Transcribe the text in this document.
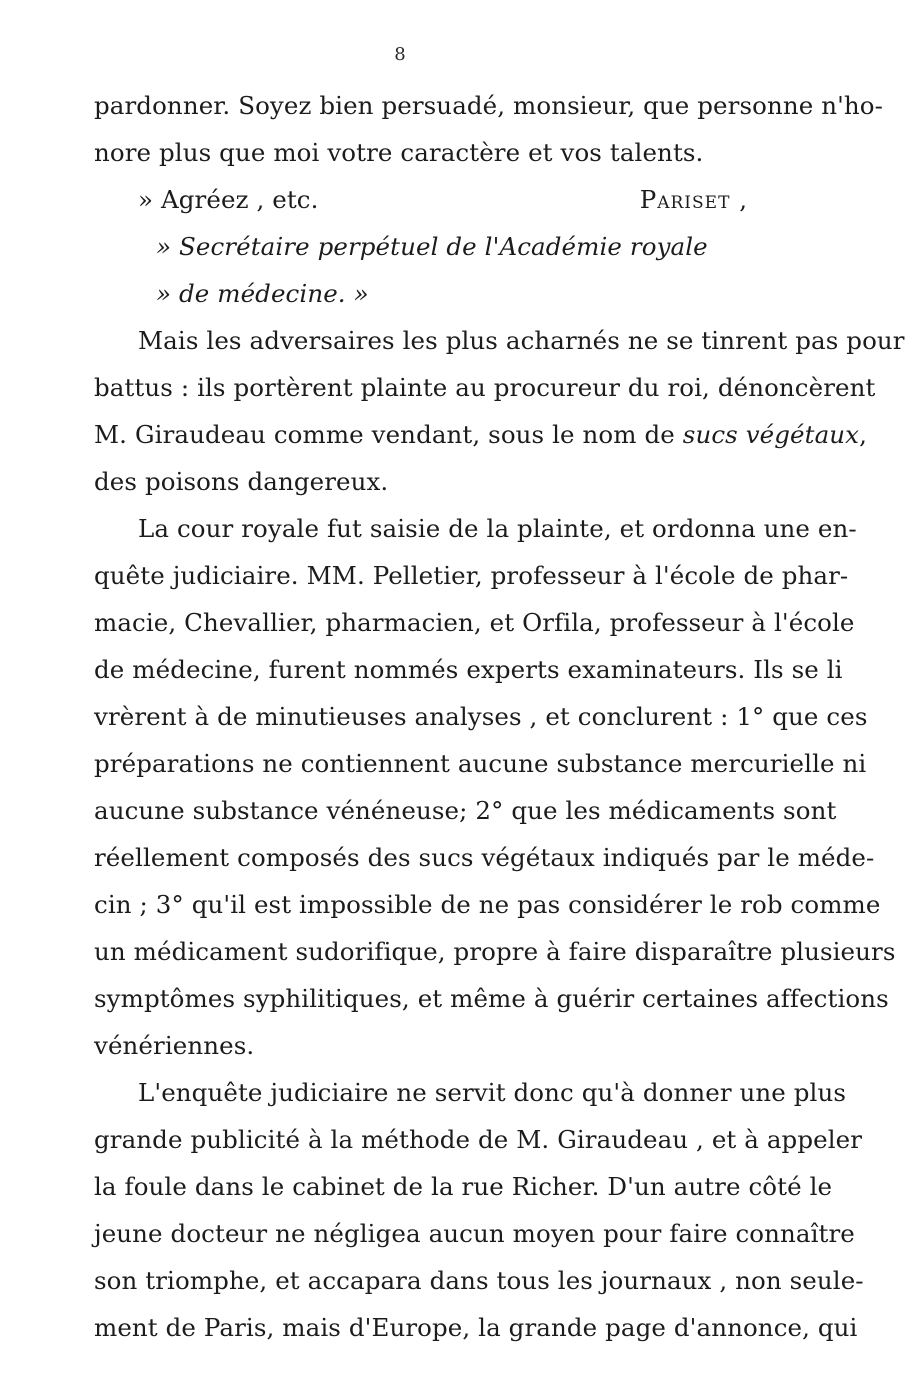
8
pardonner. Soyez bien persuadé, monsieur, que personne n'ho-
nore plus que moi votre caractère et vos talents.
» Agréez , etc.	Pariset ,
» Secrétaire perpétuel de l'Académie royale
» de médecine. »
Mais les adversaires les plus acharnés ne se tinrent pas pour
battus : ils portèrent plainte au procureur du roi, dénoncèrent
M. Giraudeau comme vendant, sous le nom de sucs végétaux,
des poisons dangereux.
La cour royale fut saisie de la plainte, et ordonna une en-
quête judiciaire. MM. Pelletier, professeur à l'école de phar-
macie, Chevallier, pharmacien, et Orfila, professeur à l'école
de médecine, furent nommés experts examinateurs. Ils se li
vrèrent à de minutieuses analyses , et conclurent : 1° que ces
préparations ne contiennent aucune substance mercurielle ni
aucune substance vénéneuse; 2° que les médicaments sont
réellement composés des sucs végétaux indiqués par le méde-
cin ; 3° qu'il est impossible de ne pas considérer le rob comme
un médicament sudorifique, propre à faire disparaître plusieurs
symptômes syphilitiques, et même à guérir certaines affections
vénériennes.
L'enquête judiciaire ne servit donc qu'à donner une plus
grande publicité à la méthode de M. Giraudeau , et à appeler
la foule dans le cabinet de la rue Richer. D'un autre côté le
jeune docteur ne négligea aucun moyen pour faire connaître
son triomphe, et accapara dans tous les journaux , non seule-
ment de Paris, mais d'Europe, la grande page d'annonce, qui
